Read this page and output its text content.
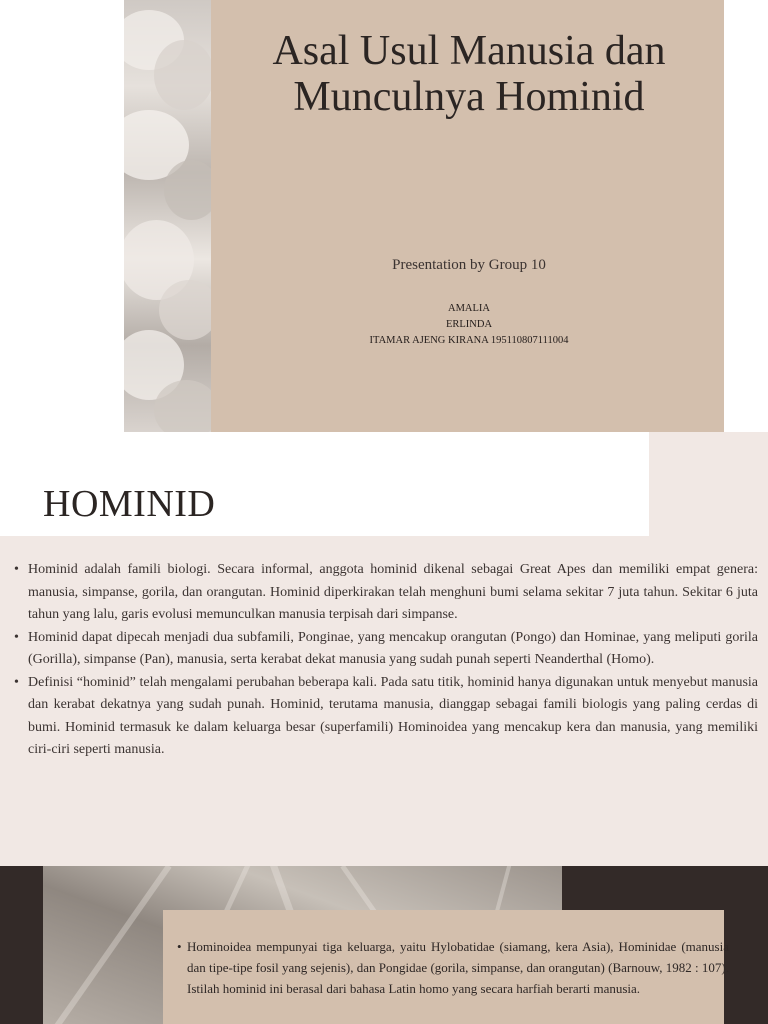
Asal Usul Manusia dan Munculnya Hominid
Presentation by Group 10
AMALIA
ERLINDA
ITAMAR AJENG KIRANA 195110807111004
HOMINID
• Hominid adalah famili biologi. Secara informal, anggota hominid dikenal sebagai Great Apes dan memiliki empat genera: manusia, simpanse, gorila, dan orangutan. Hominid diperkirakan telah menghuni bumi selama sekitar 7 juta tahun. Sekitar 6 juta tahun yang lalu, garis evolusi memunculkan manusia terpisah dari simpanse.
• Hominid dapat dipecah menjadi dua subfamili, Ponginae, yang mencakup orangutan (Pongo) dan Hominae, yang meliputi gorila (Gorilla), simpanse (Pan), manusia, serta kerabat dekat manusia yang sudah punah seperti Neanderthal (Homo).
• Definisi “hominid” telah mengalami perubahan beberapa kali. Pada satu titik, hominid hanya digunakan untuk menyebut manusia dan kerabat dekatnya yang sudah punah. Hominid, terutama manusia, dianggap sebagai famili biologis yang paling cerdas di bumi. Hominid termasuk ke dalam keluarga besar (superfamili) Hominoidea yang mencakup kera dan manusia, yang memiliki ciri-ciri seperti manusia.

• Hominoidea mempunyai tiga keluarga, yaitu Hylobatidae (siamang, kera Asia), Hominidae (manusia dan tipe-tipe fosil yang sejenis), dan Pongidae (gorila, simpanse, dan orangutan) (Barnouw, 1982 : 107). Istilah hominid ini berasal dari bahasa Latin homo yang secara harfiah berarti manusia.
